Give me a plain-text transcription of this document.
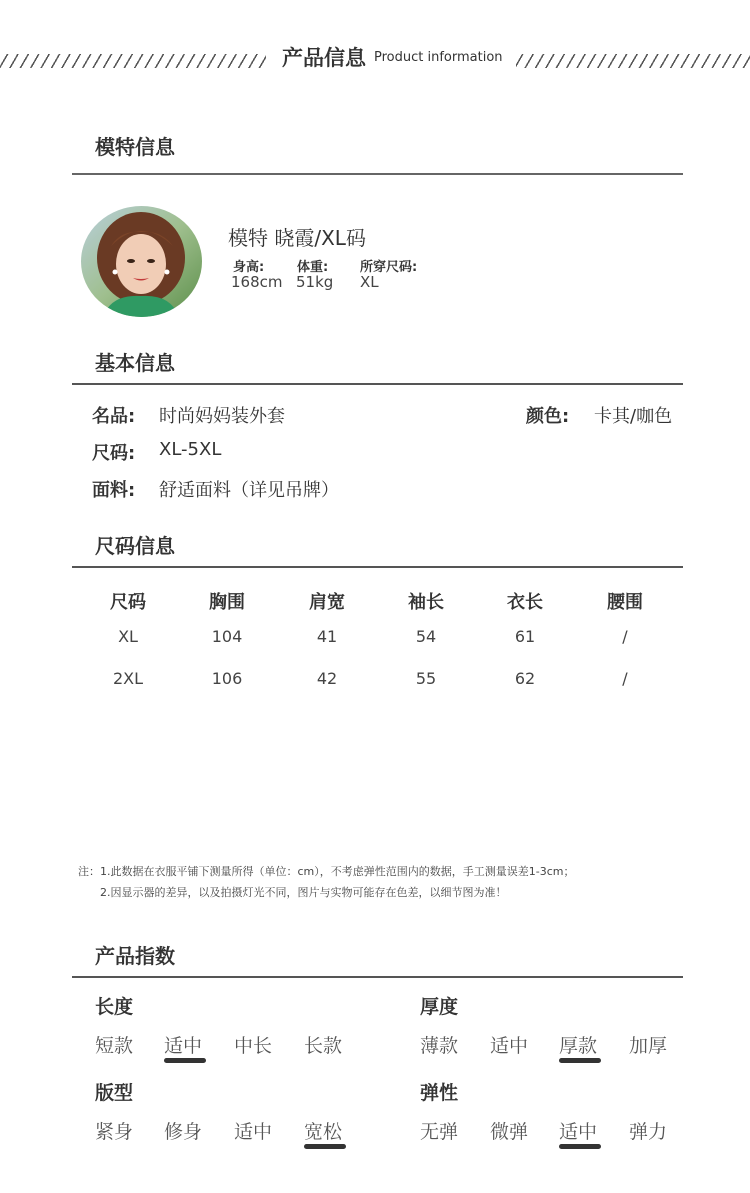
产品信息 Product information
模特信息
模特 晓霞/XL码
身高:
168cm
体重:
51kg
所穿尺码:
XL
基本信息
名品: 时尚妈妈装外套	颜色: 卡其/咖色
尺码: XL-5XL
面料: 舒适面料（详见吊牌）
尺码信息
尺码	胸围	肩宽	袖长	衣长	腰围
XL	104	41	54	61	/
2XL	106	42	55	62	/
注：1.此数据在衣服平铺下测量所得（单位：cm），不考虑弹性范围内的数据，手工测量误差1-3cm；
2.因显示器的差异，以及拍摄灯光不同，图片与实物可能存在色差，以细节图为准！
产品指数
长度
短款 适中 中长 长款
厚度
薄款 适中 厚款 加厚
版型
紧身 修身 适中 宽松
弹性
无弹 微弹 适中 弹力
